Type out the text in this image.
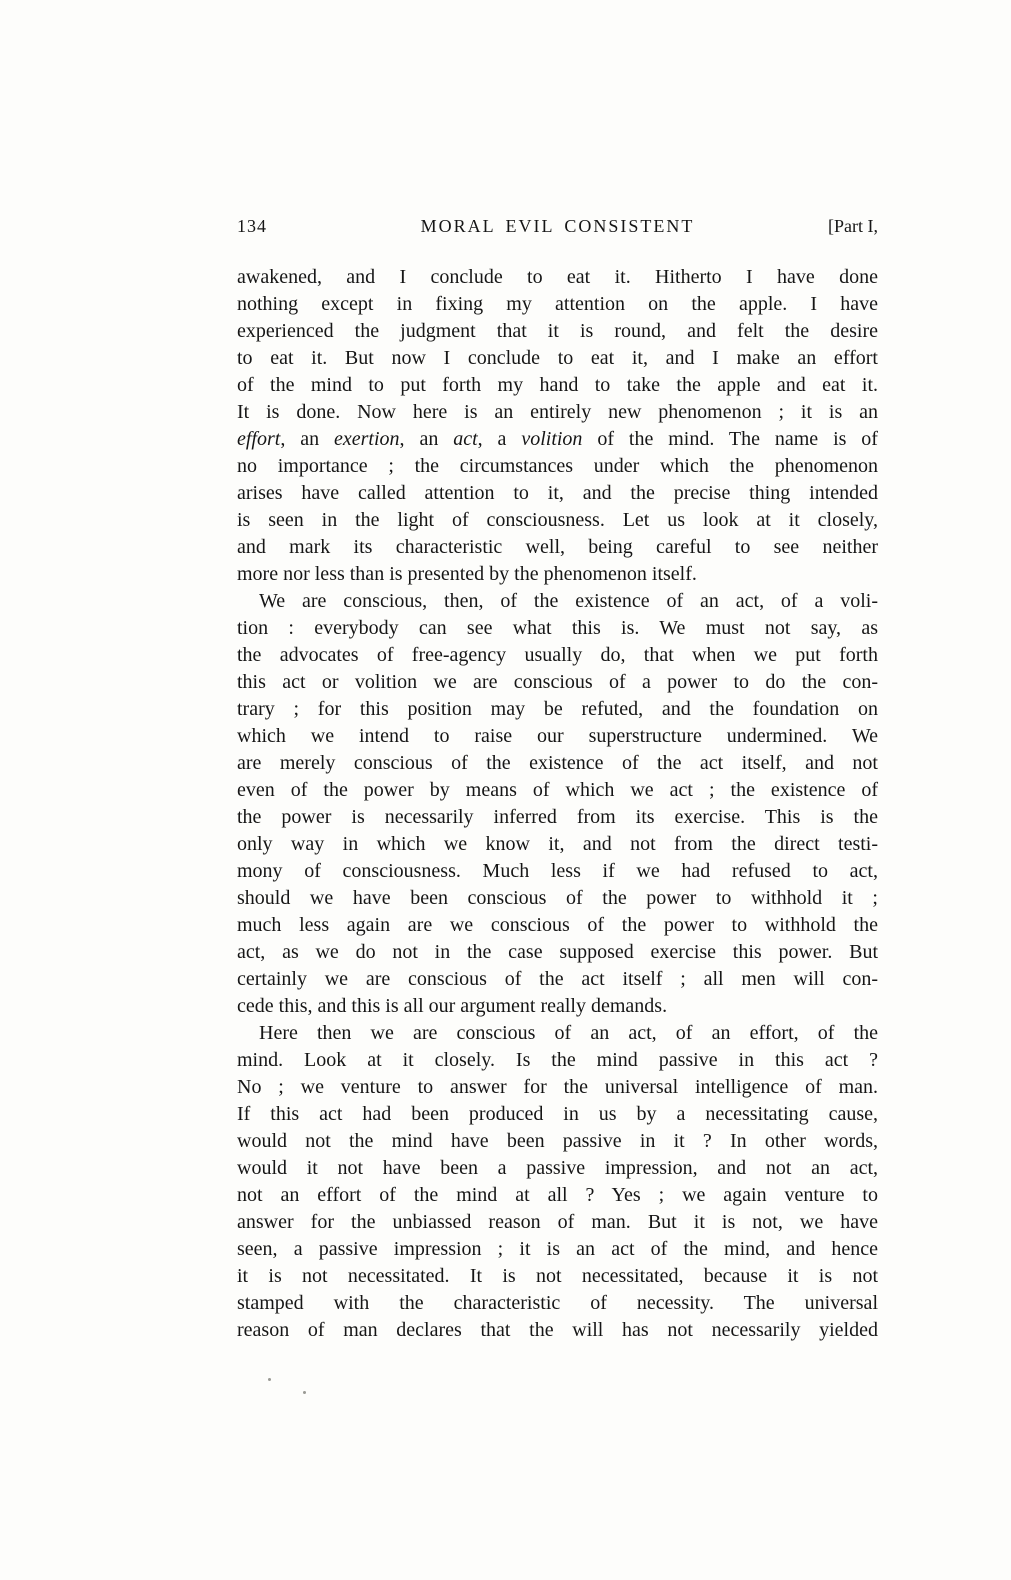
134	MORAL EVIL CONSISTENT	[Part I,
awakened, and I conclude to eat it. Hitherto I have done
nothing except in fixing my attention on the apple. I have
experienced the judgment that it is round, and felt the desire
to eat it. But now I conclude to eat it, and I make an effort
of the mind to put forth my hand to take the apple and eat it.
It is done. Now here is an entirely new phenomenon ; it is an
effort, an exertion, an act, a volition of the mind. The name is of
no importance ; the circumstances under which the phenomenon
arises have called attention to it, and the precise thing intended
is seen in the light of consciousness. Let us look at it closely,
and mark its characteristic well, being careful to see neither
more nor less than is presented by the phenomenon itself.
We are conscious, then, of the existence of an act, of a voli-
tion : everybody can see what this is. We must not say, as
the advocates of free-agency usually do, that when we put forth
this act or volition we are conscious of a power to do the con-
trary ; for this position may be refuted, and the foundation on
which we intend to raise our superstructure undermined. We
are merely conscious of the existence of the act itself, and not
even of the power by means of which we act ; the existence of
the power is necessarily inferred from its exercise. This is the
only way in which we know it, and not from the direct testi-
mony of consciousness. Much less if we had refused to act,
should we have been conscious of the power to withhold it ;
much less again are we conscious of the power to withhold the
act, as we do not in the case supposed exercise this power. But
certainly we are conscious of the act itself ; all men will con-
cede this, and this is all our argument really demands.
Here then we are conscious of an act, of an effort, of the
mind. Look at it closely. Is the mind passive in this act ?
No ; we venture to answer for the universal intelligence of man.
If this act had been produced in us by a necessitating cause,
would not the mind have been passive in it ? In other words,
would it not have been a passive impression, and not an act,
not an effort of the mind at all ? Yes ; we again venture to
answer for the unbiassed reason of man. But it is not, we have
seen, a passive impression ; it is an act of the mind, and hence
it is not necessitated. It is not necessitated, because it is not
stamped with the characteristic of necessity. The universal
reason of man declares that the will has not necessarily yielded
